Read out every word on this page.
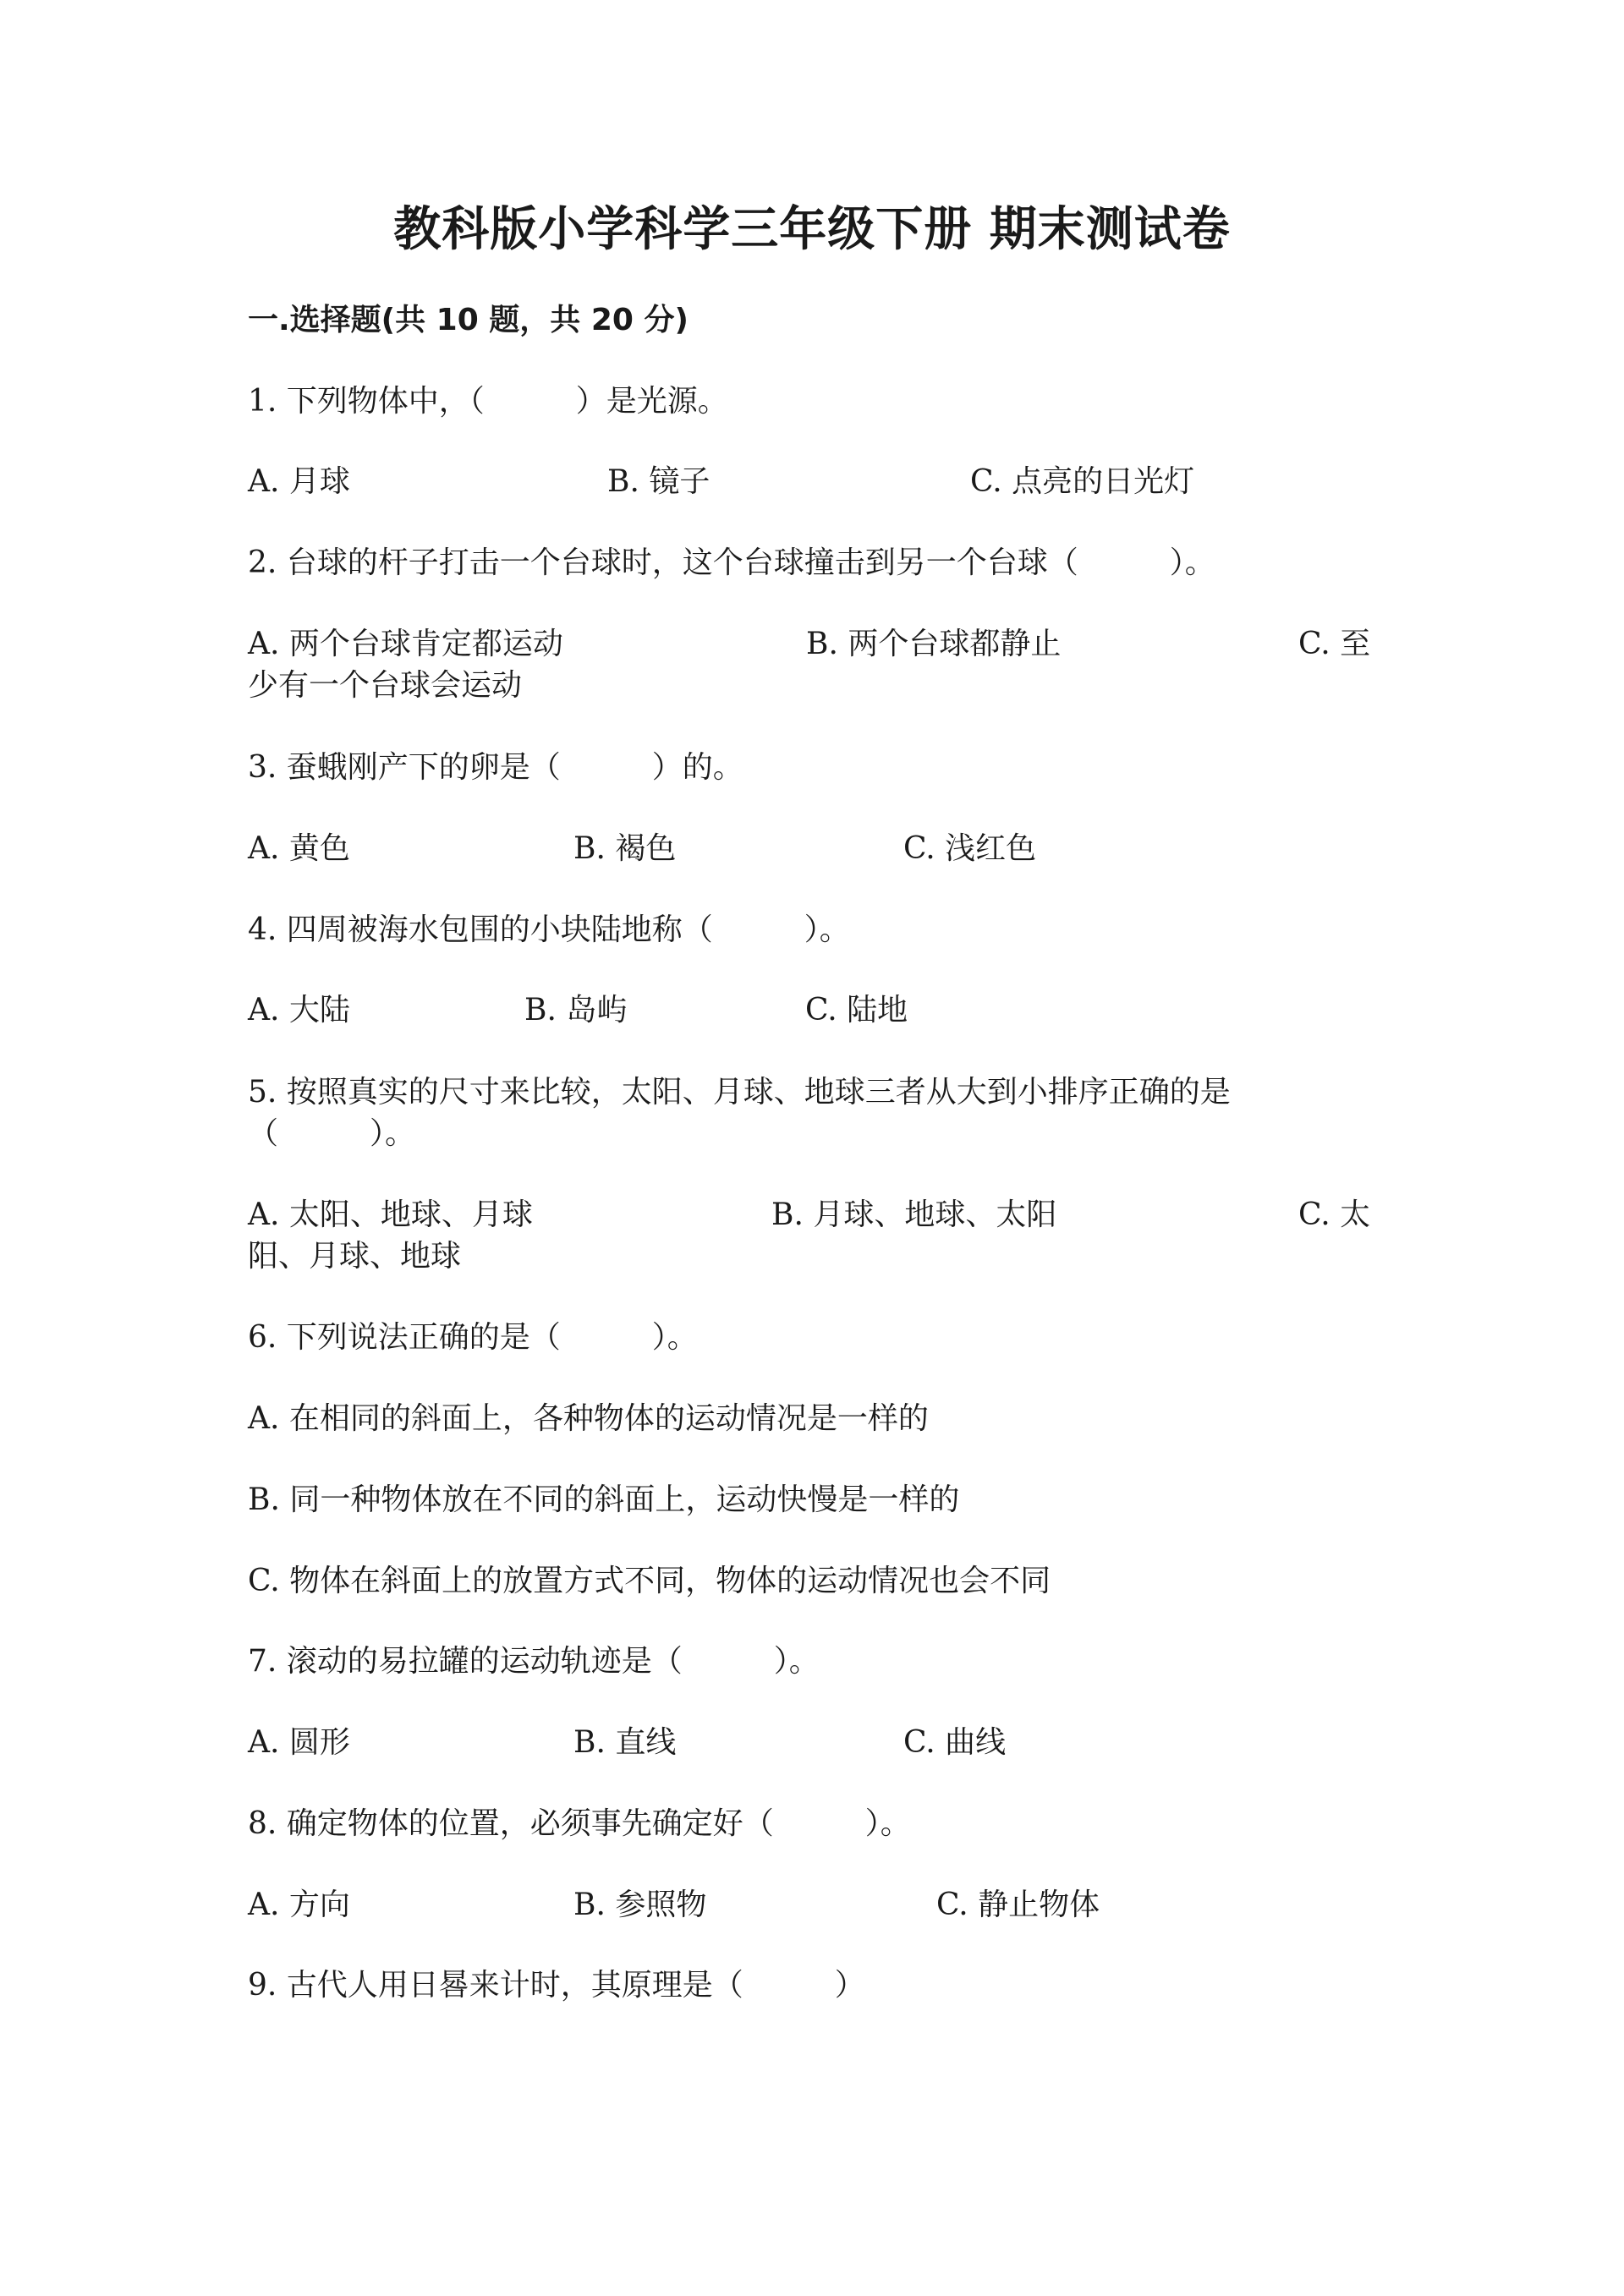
教科版小学科学三年级下册 期末测试卷
一.选择题(共 10 题，共 20 分)
1. 下列物体中，（　　　）是光源。
A. 月球	B. 镜子	C. 点亮的日光灯
2. 台球的杆子打击一个台球时，这个台球撞击到另一个台球（　　　）。
A. 两个台球肯定都运动	B. 两个台球都静止	C. 至
少有一个台球会运动
3. 蚕蛾刚产下的卵是（　　　）的。
A. 黄色	B. 褐色	C. 浅红色
4. 四周被海水包围的小块陆地称（　　　）。
A. 大陆	B. 岛屿	C. 陆地
5. 按照真实的尺寸来比较，太阳、月球、地球三者从大到小排序正确的是
（　　　）。
A. 太阳、地球、月球	B. 月球、地球、太阳	C. 太
阳、月球、地球
6. 下列说法正确的是（　　　）。
A. 在相同的斜面上，各种物体的运动情况是一样的
B. 同一种物体放在不同的斜面上，运动快慢是一样的
C. 物体在斜面上的放置方式不同，物体的运动情况也会不同
7. 滚动的易拉罐的运动轨迹是（　　　）。
A. 圆形	B. 直线	C. 曲线
8. 确定物体的位置，必须事先确定好（　　　）。
A. 方向	B. 参照物	C. 静止物体
9. 古代人用日晷来计时，其原理是（　　　）
